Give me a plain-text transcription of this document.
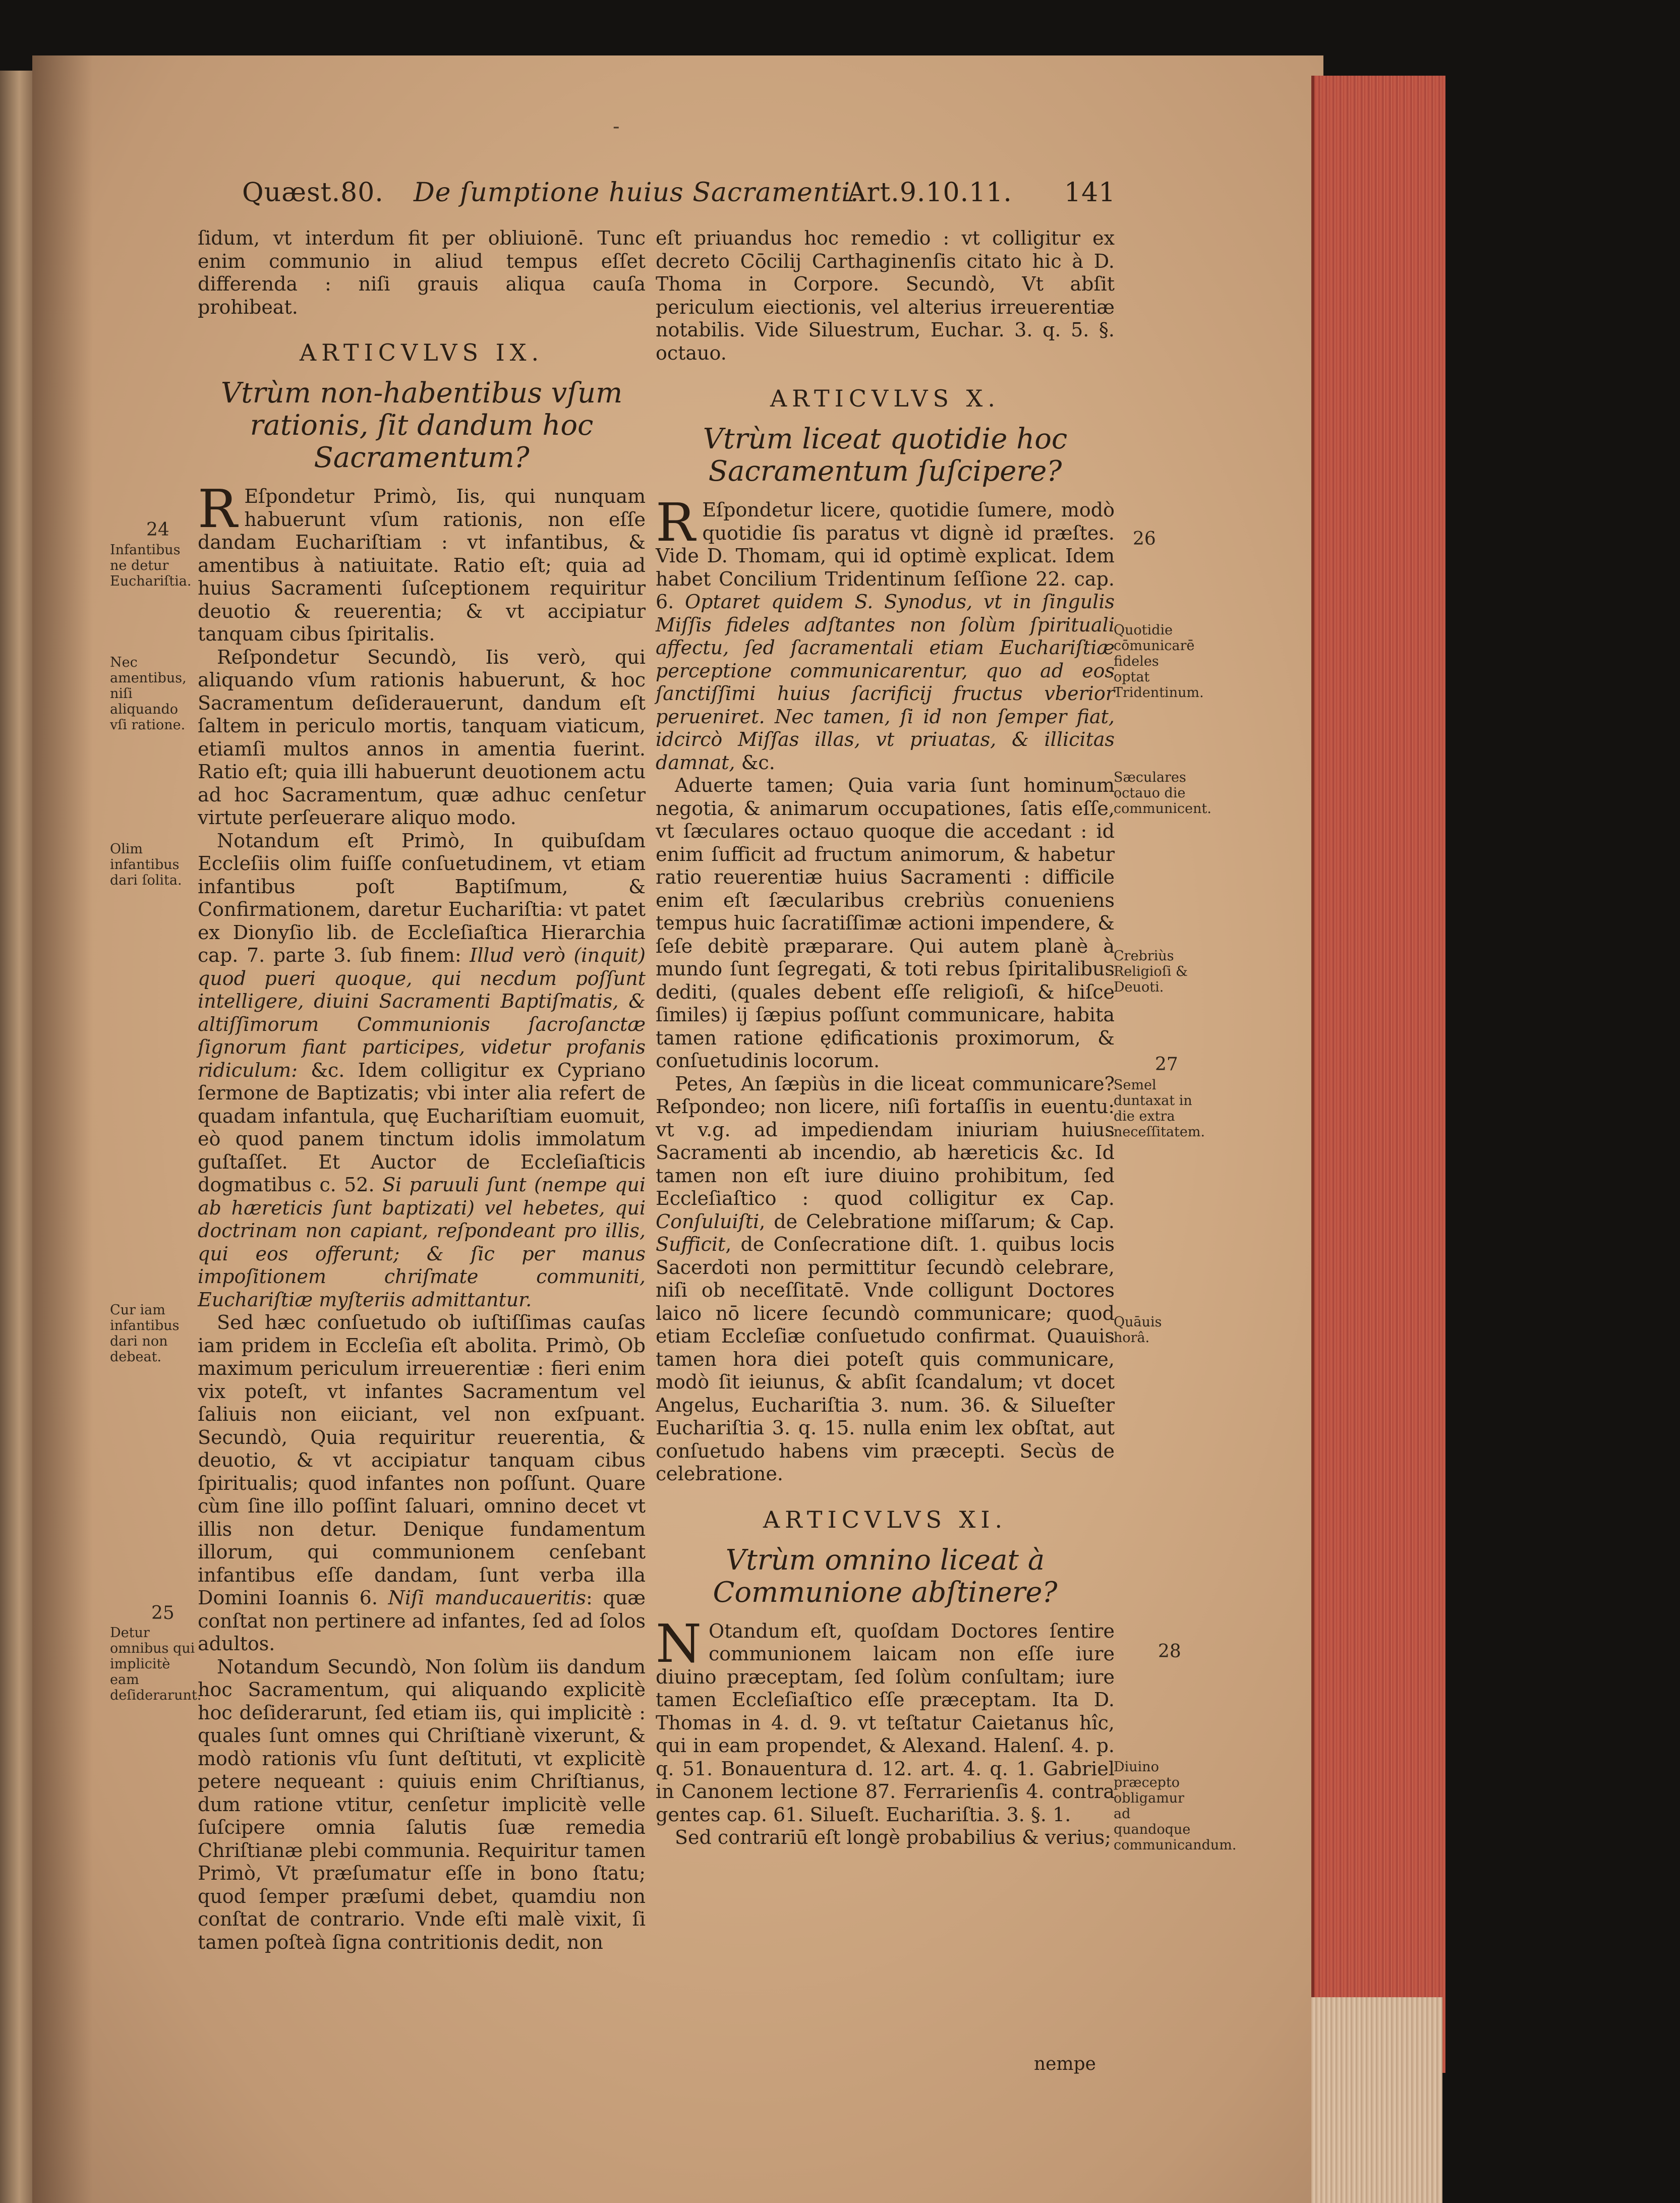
-
Quæst.80. De ſumptione huius Sacramenti.
Art.9.10.11. 141

ſidum, vt interdum fit per obliuionē. Tunc enim communio in aliud tempus eſſet differenda : niſi grauis aliqua cauſa prohibeat.

ARTICVLVS IX.
Vtrùm non-habentibus vſum rationis, ſit dandum hoc Sacramentum?

R Eſpondetur Primò, Iis, qui nunquam habuerunt vſum rationis, non eſſe dandam Euchariſtiam : vt infantibus, & amentibus à natiuitate. Ratio eſt; quia ad huius Sacramenti ſuſceptionem requiritur deuotio & reuerentia; & vt accipiatur tanquam cibus ſpiritalis.

Reſpondetur Secundò, Iis verò, qui aliquando vſum rationis habuerunt, & hoc Sacramentum deſiderauerunt, dandum eſt ſaltem in periculo mortis, tanquam viaticum, etiamſi multos annos in amentia fuerint. Ratio eſt; quia illi habuerunt deuotionem actu ad hoc Sacramentum, quæ adhuc cenſetur virtute perſeuerare aliquo modo.

Notandum eſt Primò, In quibuſdam Eccleſiis olim fuiſſe conſuetudinem, vt etiam infantibus poſt Baptiſmum, & Confirmationem, daretur Euchariſtia: vt patet ex Dionyſio lib. de Eccleſiaſtica Hierarchia cap. 7. parte 3. ſub finem: Illud verò (inquit) quod pueri quoque, qui necdum poſſunt intelligere, diuini Sacramenti Baptiſmatis, & altiſſimorum Communionis ſacroſanctæ ſignorum fiant participes, videtur profanis ridiculum: &c. Idem colligitur ex Cypriano ſermone de Baptizatis; vbi inter alia refert de quadam infantula, quę Euchariſtiam euomuit, eò quod panem tinctum idolis immolatum guſtaſſet. Et Auctor de Eccleſiaſticis dogmatibus c. 52. Si paruuli ſunt (nempe qui ab hæreticis ſunt baptizati) vel hebetes, qui doctrinam non capiant, reſpondeant pro illis, qui eos offerunt; & ſic per manus impoſitionem chriſmate communiti, Euchariſtiæ myſteriis admittantur.

Sed hæc conſuetudo ob iuſtiſſimas cauſas iam pridem in Eccleſia eſt abolita. Primò, Ob maximum periculum irreuerentiæ : fieri enim vix poteſt, vt infantes Sacramentum vel ſaliuis non eiiciant, vel non exſpuant. Secundò, Quia requiritur reuerentia, & deuotio, & vt accipiatur tanquam cibus ſpiritualis; quod infantes non poſſunt. Quare cùm ſine illo poſſint ſaluari, omnino decet vt illis non detur. Denique fundamentum illorum, qui communionem cenſebant infantibus eſſe dandam, ſunt verba illa Domini Ioannis 6. Niſi manducaueritis: quæ conſtat non pertinere ad infantes, ſed ad ſolos adultos.

Notandum Secundò, Non ſolùm iis dandum hoc Sacramentum, qui aliquando explicitè hoc deſiderarunt, ſed etiam iis, qui implicitè : quales ſunt omnes qui Chriſtianè vixerunt, & modò rationis vſu ſunt deſtituti, vt explicitè petere nequeant : quiuis enim Chriſtianus, dum ratione vtitur, cenſetur implicitè velle ſuſcipere omnia ſalutis ſuæ remedia Chriſtianæ plebi communia. Requiritur tamen Primò, Vt præſumatur eſſe in bono ſtatu; quod ſemper præſumi debet, quamdiu non conſtat de contrario. Vnde eſti malè vixit, ſi tamen poſteà ſigna contritionis dedit, non

eſt priuandus hoc remedio : vt colligitur ex decreto Cōcilij Carthaginenſis citato hic à D. Thoma in Corpore. Secundò, Vt abſit periculum eiectionis, vel alterius irreuerentiæ notabilis. Vide Siluestrum, Euchar. 3. q. 5. §. octauo.

ARTICVLVS X.
Vtrùm liceat quotidie hoc Sacramentum ſuſcipere?

R Eſpondetur licere, quotidie ſumere, modò quotidie ſis paratus vt dignè id præſtes. Vide D. Thomam, qui id optimè explicat. Idem habet Concilium Tridentinum ſeſſione 22. cap. 6. Optaret quidem S. Synodus, vt in ſingulis Miſſis fideles adſtantes non ſolùm ſpirituali affectu, ſed ſacramentali etiam Euchariſtiæ perceptione communicarentur, quo ad eos ſanctiſſimi huius ſacrificij fructus vberior perueniret. Nec tamen, ſi id non ſemper fiat, idcircò Miſſas illas, vt priuatas, & illicitas damnat, &c.

Aduerte tamen; Quia varia ſunt hominum negotia, & animarum occupationes, ſatis eſſe, vt ſæculares octauo quoque die accedant : id enim ſufficit ad fructum animorum, & habetur ratio reuerentiæ huius Sacramenti : difficile enim eſt ſæcularibus crebriùs conueniens tempus huic ſacratiſſimæ actioni impendere, & ſeſe debitè præparare. Qui autem planè à mundo ſunt ſegregati, & toti rebus ſpiritalibus dediti, (quales debent eſſe religioſi, & hiſce ſimiles) ij ſæpius poſſunt communicare, habita tamen ratione ędificationis proximorum, & conſuetudinis locorum.

Petes, An ſæpiùs in die liceat communicare? Reſpondeo; non licere, niſi fortaſſis in euentu: vt v.g. ad impediendam iniuriam huius Sacramenti ab incendio, ab hæreticis &c. Id tamen non eſt iure diuino prohibitum, ſed Eccleſiaſtico : quod colligitur ex Cap. Conſuluiſti, de Celebratione miſſarum; & Cap. Sufficit, de Conſecratione diſt. 1. quibus locis Sacerdoti non permittitur ſecundò celebrare, niſi ob neceſſitatē. Vnde colligunt Doctores laico nō licere ſecundò communicare; quod etiam Eccleſiæ conſuetudo confirmat. Quauis tamen hora diei poteſt quis communicare, modò ſit ieiunus, & abſit ſcandalum; vt docet Angelus, Euchariſtia 3. num. 36. & Silueſter Euchariſtia 3. q. 15. nulla enim lex obſtat, aut conſuetudo habens vim præcepti. Secùs de celebratione.

ARTICVLVS XI.
Vtrùm omnino liceat à Communione abſtinere?

N Otandum eſt, quoſdam Doctores ſentire communionem laicam non eſſe iure diuino præceptam, ſed ſolùm conſultam; iure tamen Eccleſiaſtico eſſe præceptam. Ita D. Thomas in 4. d. 9. vt teſtatur Caietanus hîc, qui in eam propendet, & Alexand. Halenſ. 4. p. q. 51. Bonauentura d. 12. art. 4. q. 1. Gabriel in Canonem lectione 87. Ferrarienſis 4. contra gentes cap. 61. Silueſt. Euchariſtia. 3. §. 1.

Sed contrariū eſt longè probabilius & verius;

nempe
24
Infantibus ne detur Euchariſtia.
Nec amentibus, niſi aliquando vſi ratione.
Olim infantibus dari ſolita.
Cur iam infantibus dari non debeat.
25
Detur omnibus qui implicitè eam deſiderarunt.
26
Quotidie cōmunicarē fideles optat Tridentinum.
Sæculares octauo die communicent.
Crebriùs Religioſi & Deuoti.
27
Semel duntaxat in die extra neceſſitatem.
Quāuis horâ.
28
Diuino præcepto obligamur ad quandoque communicandum.
